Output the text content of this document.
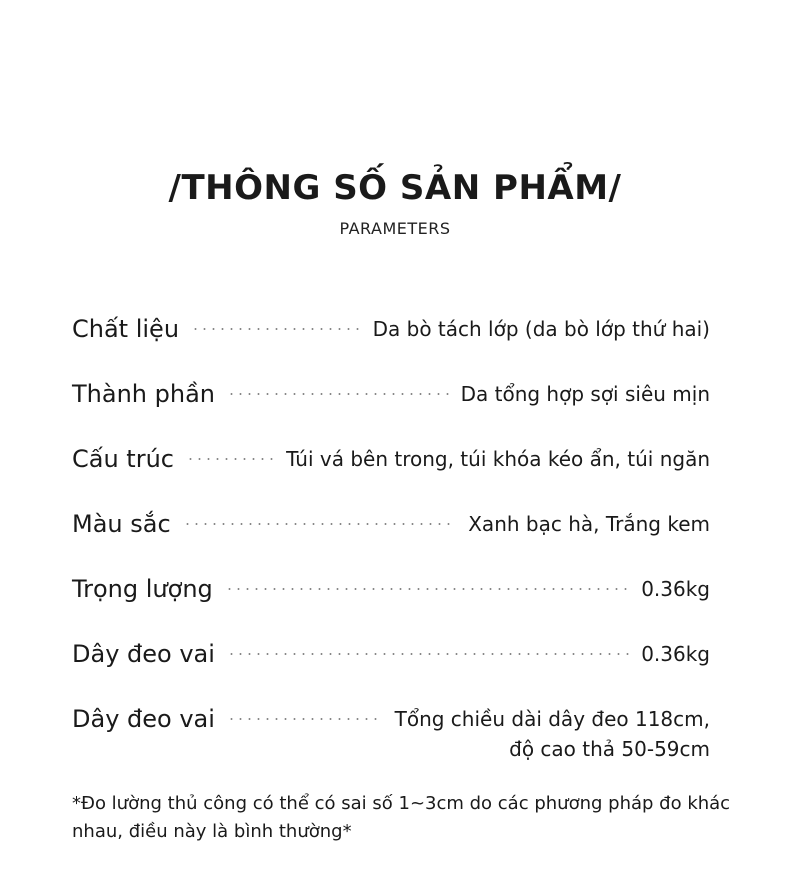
/THÔNG SỐ SẢN PHẨM/
PARAMETERS
Chất liệu	Da bò tách lớp (da bò lớp thứ hai)
Thành phần	Da tổng hợp sợi siêu mịn
Cấu trúc	Túi vá bên trong, túi khóa kéo ẩn, túi ngăn
Màu sắc	Xanh bạc hà, Trắng kem
Trọng lượng	0.36kg
Dây đeo vai	0.36kg
Dây đeo vai	Tổng chiều dài dây đeo 118cm,
độ cao thả 50-59cm
*Đo lường thủ công có thể có sai số 1~3cm do các phương pháp đo khác nhau, điều này là bình thường*
